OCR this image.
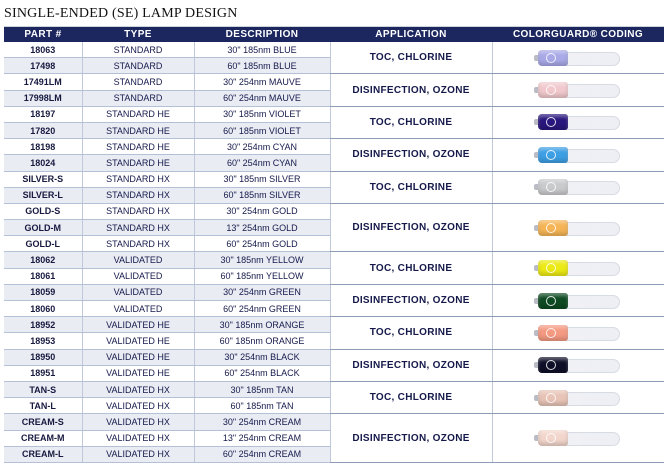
SINGLE-ENDED (SE) LAMP DESIGN
PART #	TYPE	DESCRIPTION	APPLICATION	COLORGUARD® CODING
18063	STANDARD	30" 185nm BLUE	TOC, CHLORINE	

17498	STANDARD	60" 185nm BLUE		
17491LM	STANDARD	30" 254nm MAUVE	DISINFECTION, OZONE	

17998LM	STANDARD	60" 254nm MAUVE		
18197	STANDARD HE	30" 185nm VIOLET	TOC, CHLORINE	

17820	STANDARD HE	60" 185nm VIOLET		
18198	STANDARD HE	30" 254nm CYAN	DISINFECTION, OZONE	

18024	STANDARD HE	60" 254nm CYAN		
SILVER-S	STANDARD HX	30" 185nm SILVER	TOC, CHLORINE	

SILVER-L	STANDARD HX	60" 185nm SILVER		
GOLD-S	STANDARD HX	30" 254nm GOLD	DISINFECTION, OZONE	

GOLD-M	STANDARD HX	13" 254nm GOLD		
GOLD-L	STANDARD HX	60" 254nm GOLD		
18062	VALIDATED	30" 185nm YELLOW	TOC, CHLORINE	

18061	VALIDATED	60" 185nm YELLOW		
18059	VALIDATED	30" 254nm GREEN	DISINFECTION, OZONE	

18060	VALIDATED	60" 254nm GREEN		
18952	VALIDATED HE	30" 185nm ORANGE	TOC, CHLORINE	

18953	VALIDATED HE	60" 185nm ORANGE		
18950	VALIDATED HE	30" 254nm BLACK	DISINFECTION, OZONE	

18951	VALIDATED HE	60" 254nm BLACK		
TAN-S	VALIDATED HX	30" 185nm TAN	TOC, CHLORINE	

TAN-L	VALIDATED HX	60" 185nm TAN		
CREAM-S	VALIDATED HX	30" 254nm CREAM	DISINFECTION, OZONE	

CREAM-M	VALIDATED HX	13" 254nm CREAM		
CREAM-L	VALIDATED HX	60" 254nm CREAM		
